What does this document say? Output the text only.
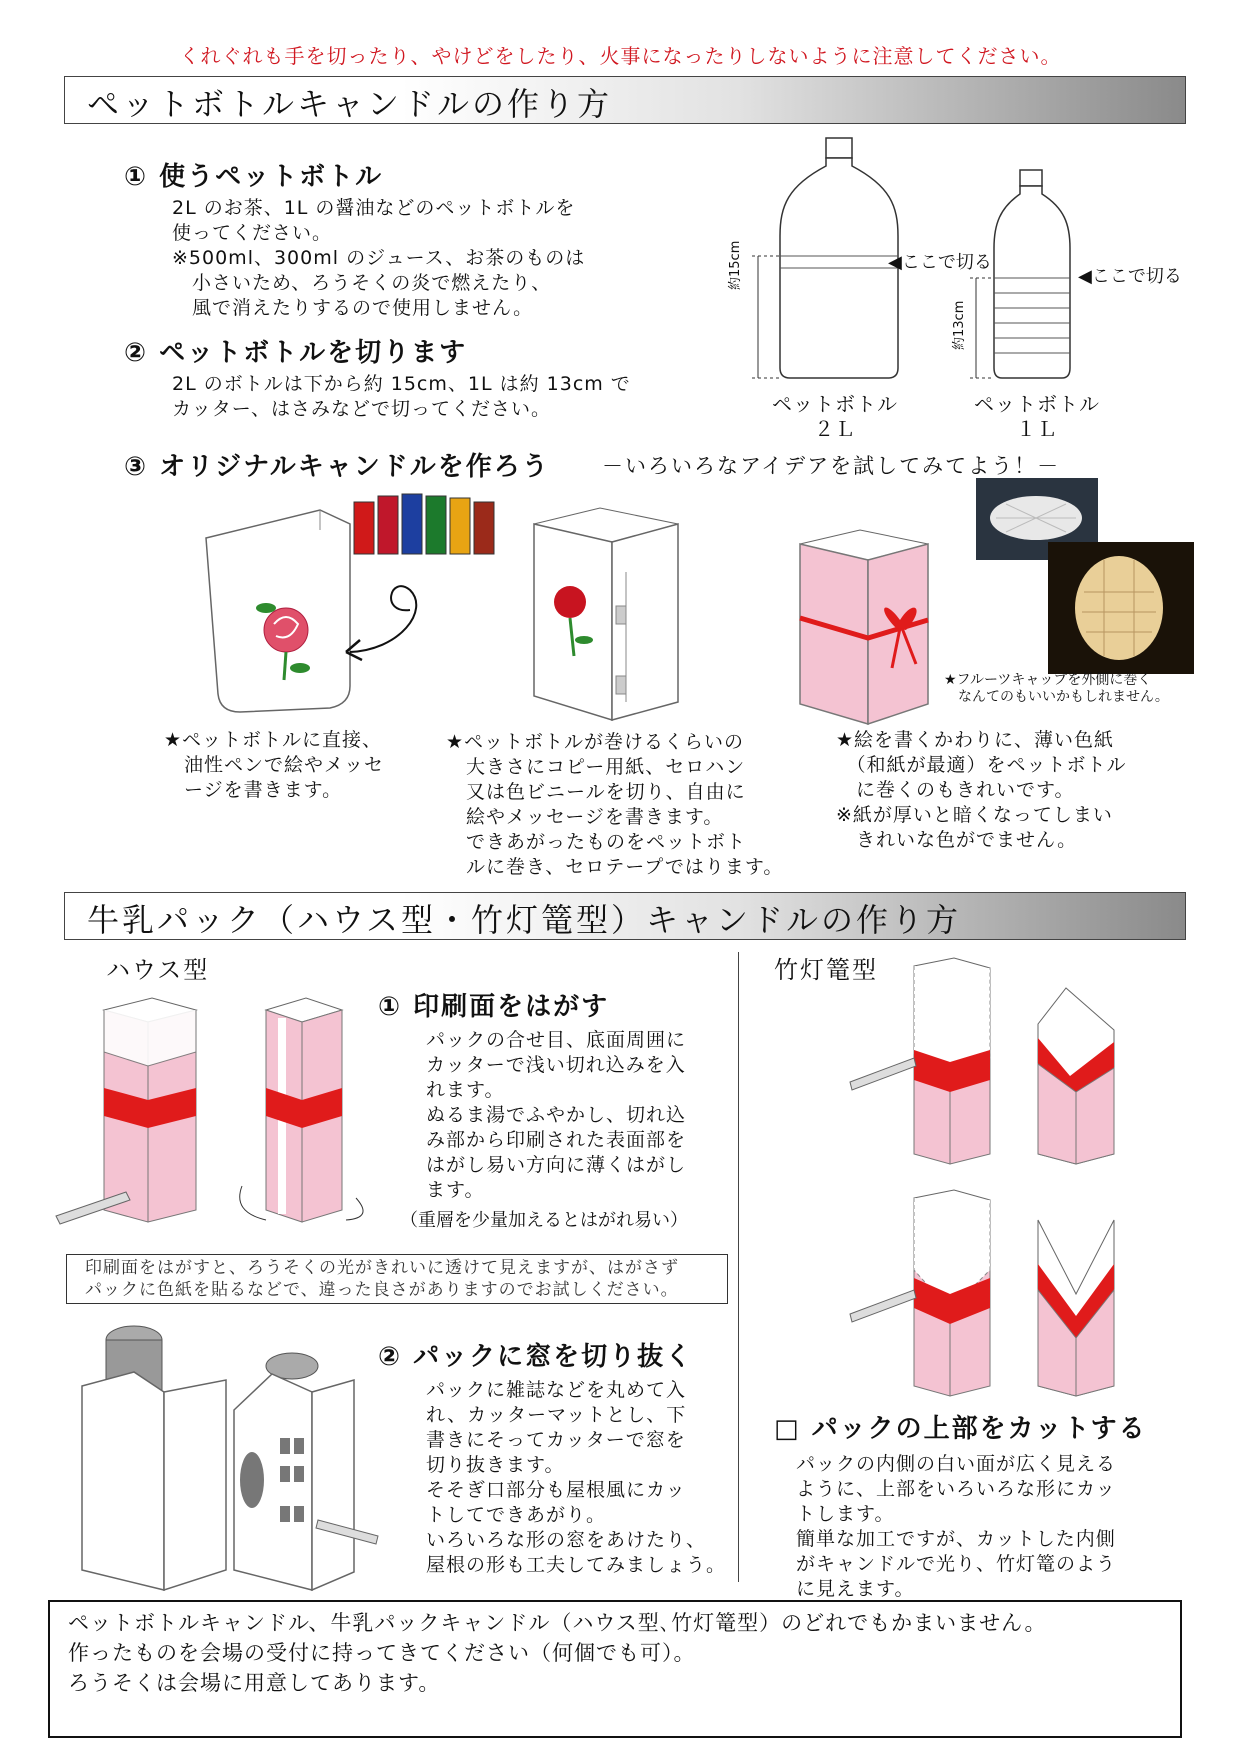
くれぐれも手を切ったり、やけどをしたり、火事になったりしないように注意してください。
ペットボトルキャンドルの作り方
① 使うペットボトル
2L のお茶、1L の醤油などのペットボトルを
使ってください。
※500ml、300ml のジュース、お茶のものは
　小さいため、ろうそくの炎で燃えたり、
　風で消えたりするので使用しません。
② ペットボトルを切ります
2L のボトルは下から約 15cm、1L は約 13cm で
カッター、はさみなどで切ってください。
約15cm	◀ここで切る
ペットボトル
２Ｌ
約13cm
◀ここで切る
ペットボトル
１Ｌ
③ オリジナルキャンドルを作ろう －いろいろなアイデアを試してみてよう！－
★ペットボトルに直接、
　油性ペンで絵やメッセ
　ージを書きます。
★ペットボトルが巻けるくらいの
　大きさにコピー用紙、セロハン
　又は色ビニールを切り、自由に
　絵やメッセージを書きます。
　できあがったものをペットボト
　ルに巻き、セロテープではります。
★フルーツキャップを外側に巻く
　なんてのもいいかもしれません。
★絵を書くかわりに、薄い色紙
　（和紙が最適）をペットボトル
　に巻くのもきれいです。
※紙が厚いと暗くなってしまい
　きれいな色がでません。
牛乳パック（ハウス型・竹灯篭型）キャンドルの作り方
ハウス型
① 印刷面をはがす
パックの合せ目、底面周囲に
カッターで浅い切れ込みを入
れます。
ぬるま湯でふやかし、切れ込
み部から印刷された表面部を
はがし易い方向に薄くはがし
ます。
（重層を少量加えるとはがれ易い）
印刷面をはがすと、ろうそくの光がきれいに透けて見えますが、はがさず
パックに色紙を貼るなどで、違った良さがありますのでお試しください。
② パックに窓を切り抜く
パックに雑誌などを丸めて入
れ、カッターマットとし、下
書きにそってカッターで窓を
切り抜きます。
そそぎ口部分も屋根風にカッ
トしてできあがり。
いろいろな形の窓をあけたり、
屋根の形も工夫してみましょう。
竹灯篭型
□ パックの上部をカットする
パックの内側の白い面が広く見える
ように、上部をいろいろな形にカッ
トします。
簡単な加工ですが、カットした内側
がキャンドルで光り、竹灯篭のよう
に見えます。
ペットボトルキャンドル、牛乳パックキャンドル（ハウス型､竹灯篭型）のどれでもかまいません。
作ったものを会場の受付に持ってきてください（何個でも可）。
ろうそくは会場に用意してあります。
